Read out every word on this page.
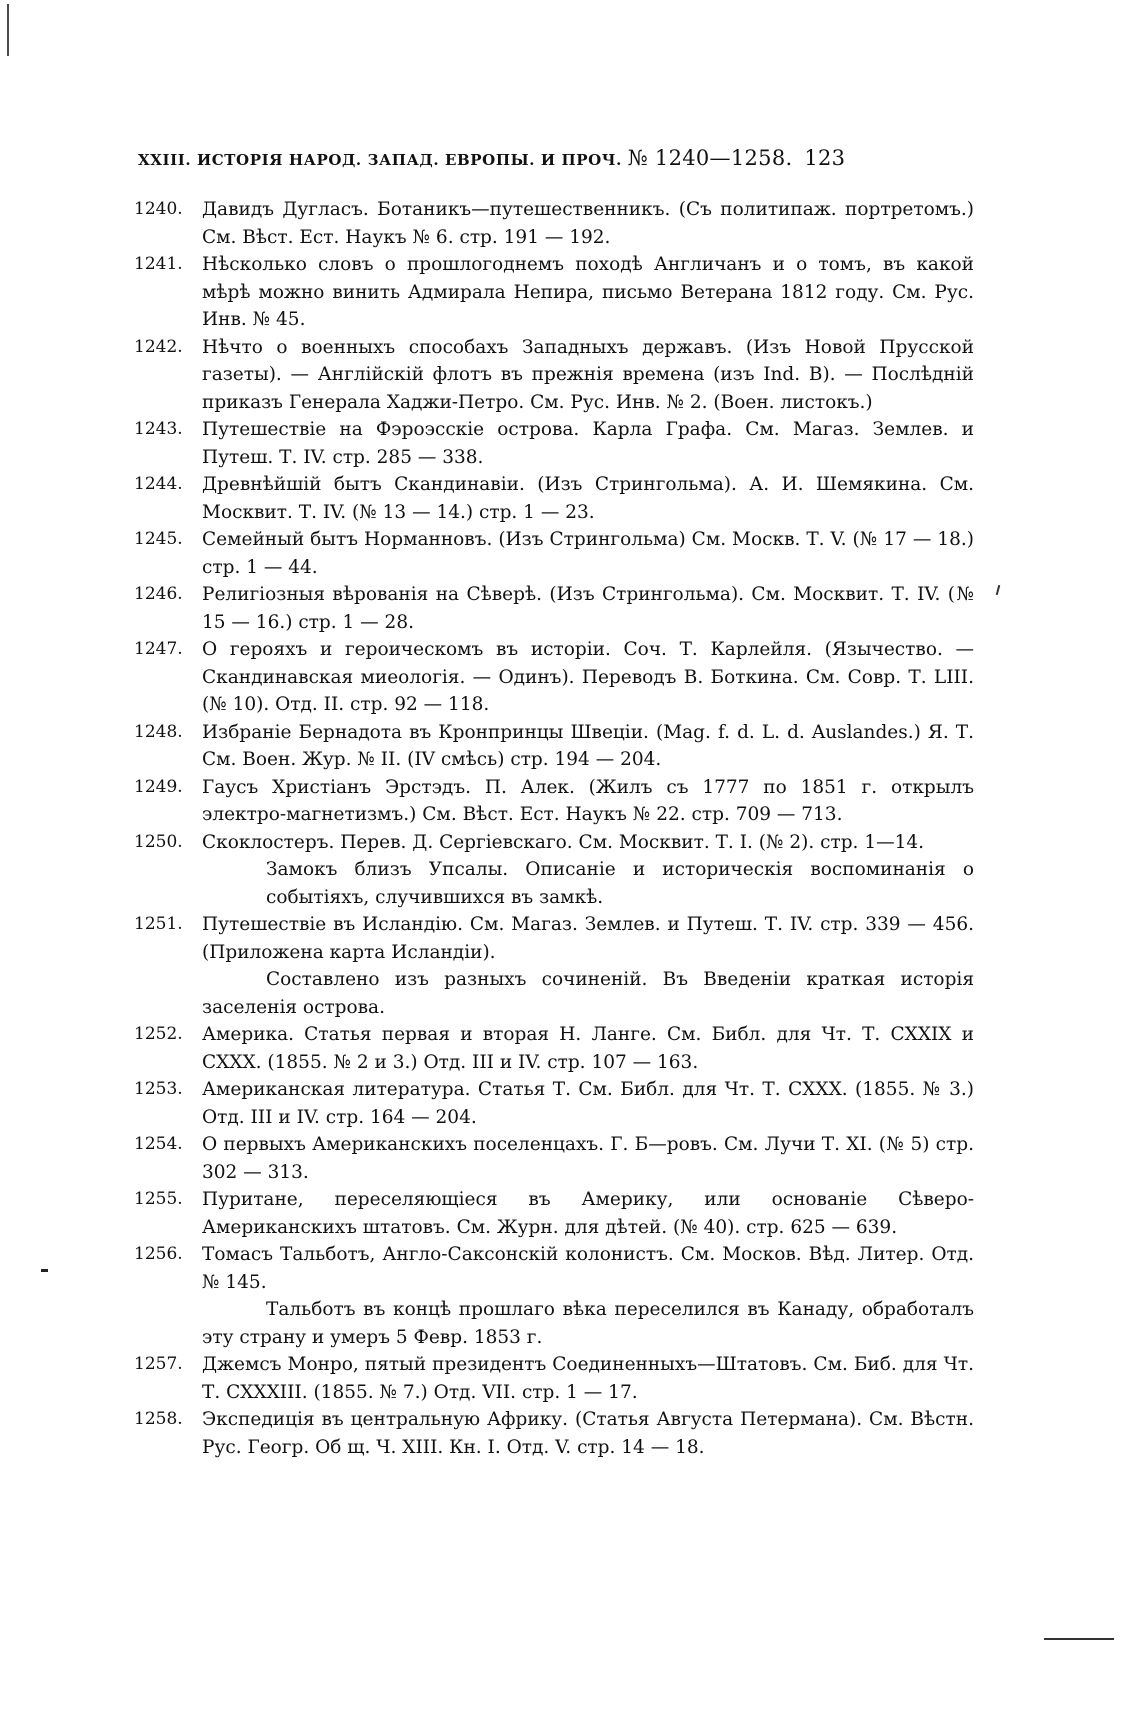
XXIII. ИСТОРІЯ НАРОД. ЗАПАД. ЕВРОПЫ. И ПРОЧ. № 1240—1258. 123
1240.	Давидъ Дугласъ. Ботаникъ—путешественникъ. (Съ политипаж. портретомъ.) См. Вѣст. Ест. Наукъ № 6. стр. 191 — 192.
1241.	Нѣсколько словъ о прошлогоднемъ походѣ Англичанъ и о томъ, въ какой мѣрѣ можно винить Адмирала Непира, письмо Ветерана 1812 году. См. Рус. Инв. № 45.
1242.	Нѣчто о военныхъ способахъ Западныхъ державъ. (Изъ Новой Прусской газеты). — Англійскій флотъ въ прежнія времена (изъ Ind. B). — Послѣдній приказъ Генерала Хаджи-Петро. См. Рус. Инв. № 2. (Воен. листокъ.)
1243.	Путешествіе на Фэроэсскіе острова. Карла Графа. См. Магаз. Землев. и Путеш. Т. IV. стр. 285 — 338.
1244.	Древнѣйшій бытъ Скандинавіи. (Изъ Стрингольма). А. И. Шемякина. См. Москвит. Т. IV. (№ 13 — 14.) стр. 1 — 23.
1245.	Семейный бытъ Норманновъ. (Изъ Стрингольма) См. Москв. Т. V. (№ 17 — 18.) стр. 1 — 44.
1246.	Религіозныя вѣрованія на Сѣверѣ. (Изъ Стрингольма). См. Москвит. Т. IV. (№ 15 — 16.) стр. 1 — 28.
1247.	О герояхъ и героическомъ въ исторіи. Соч. Т. Карлейля. (Язычество. — Скандинавская миеологія. — Одинъ). Переводъ В. Боткина. См. Совр. Т. LIII. (№ 10). Отд. II. стр. 92 — 118.
1248.	Избраніе Бернадота въ Кронпринцы Швеціи. (Mag. f. d. L. d. Auslandes.) Я. Т. См. Воен. Жур. № II. (IV смѣсь) стр. 194 — 204.
1249.	Гаусъ Христіанъ Эрстэдъ. П. Алек. (Жилъ съ 1777 по 1851 г. открылъ электро-магнетизмъ.) См. Вѣст. Ест. Наукъ № 22. стр. 709 — 713.
1250.	Скоклостеръ. Перев. Д. Сергіевскаго. См. Москвит. Т. I. (№ 2). стр. 1—14.
Замокъ близъ Упсалы. Описаніе и историческія воспоминанія о событіяхъ, случившихся въ замкѣ.
1251.	Путешествіе въ Исландію. См. Магаз. Землев. и Путеш. Т. IV. стр. 339 — 456. (Приложена карта Исландіи).
Составлено изъ разныхъ сочиненій. Въ Введеніи краткая исторія заселенія острова.
1252.	Америка. Статья первая и вторая Н. Ланге. См. Библ. для Чт. Т. CXXIX и CXXX. (1855. № 2 и 3.) Отд. III и IV. стр. 107 — 163.
1253.	Американская литература. Статья Т. См. Библ. для Чт. Т. CXXX. (1855. № 3.) Отд. III и IV. стр. 164 — 204.
1254.	О первыхъ Американскихъ поселенцахъ. Г. Б—ровъ. См. Лучи Т. XI. (№ 5) стр. 302 — 313.
1255.	Пуритане, переселяющіеся въ Америку, или основаніе Сѣверо-Американскихъ штатовъ. См. Журн. для дѣтей. (№ 40). стр. 625 — 639.
1256.	Томасъ Тальботъ, Англо-Саксонскій колонистъ. См. Москов. Вѣд. Литер. Отд. № 145.
Тальботъ въ концѣ прошлаго вѣка переселился въ Канаду, обработалъ эту страну и умеръ 5 Февр. 1853 г.
1257.	Джемсъ Монро, пятый президентъ Соединенныхъ—Штатовъ. См. Биб. для Чт. Т. CXXXIII. (1855. № 7.) Отд. VII. стр. 1 — 17.
1258.	Экспедиція въ центральную Африку. (Статья Августа Петермана). См. Вѣстн. Рус. Геогр. Об щ. Ч. XIII. Кн. I. Отд. V. стр. 14 — 18.
